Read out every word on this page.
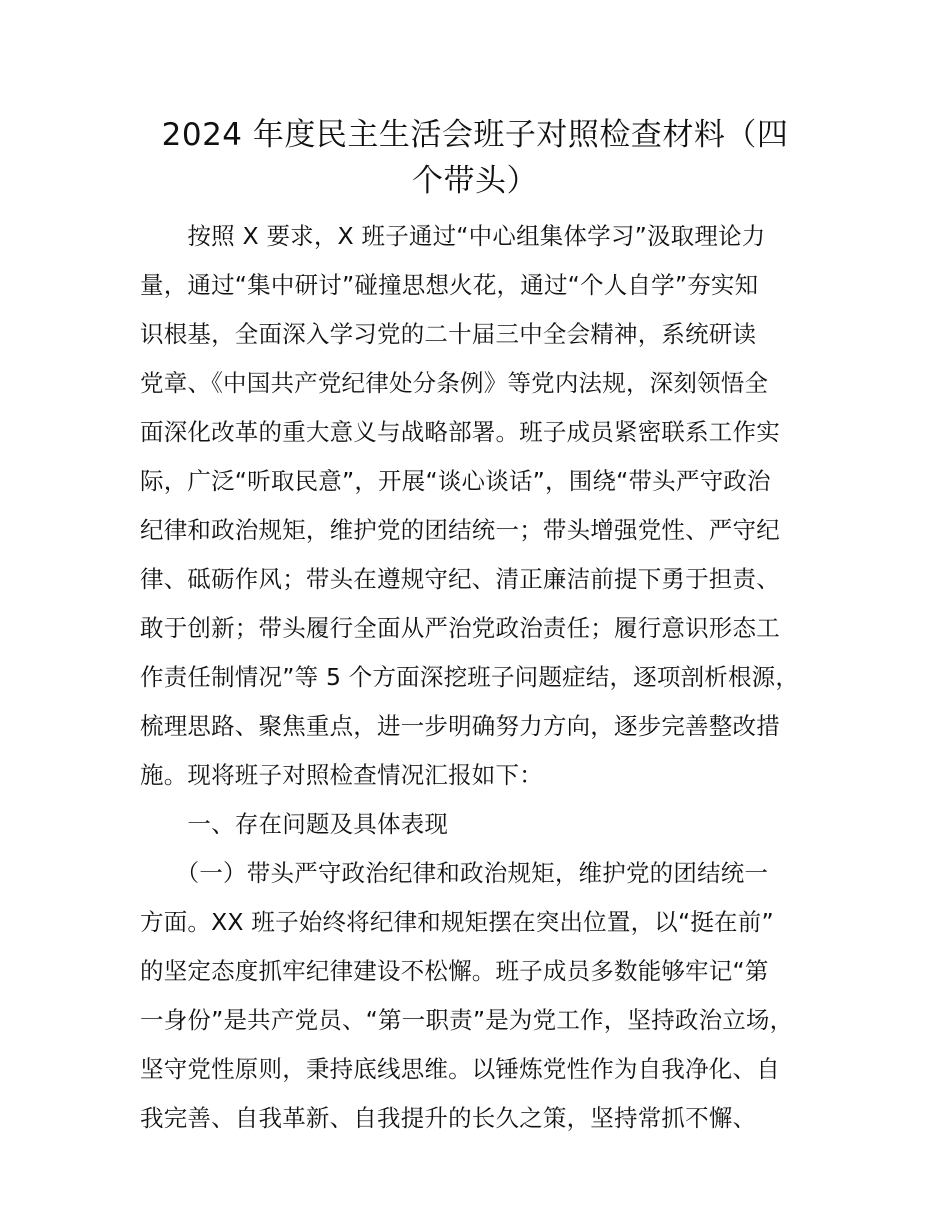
2024 年度民主生活会班子对照检查材料（四
个带头）
　　按照 X 要求，X 班子通过“中心组集体学习”汲取理论力
量，通过“集中研讨”碰撞思想火花，通过“个人自学”夯实知
识根基，全面深入学习党的二十届三中全会精神，系统研读
党章、《中国共产党纪律处分条例》等党内法规，深刻领悟全
面深化改革的重大意义与战略部署。班子成员紧密联系工作实
际，广泛“听取民意”，开展“谈心谈话”，围绕“带头严守政治
纪律和政治规矩，维护党的团结统一；带头增强党性、严守纪
律、砥砺作风；带头在遵规守纪、清正廉洁前提下勇于担责、
敢于创新；带头履行全面从严治党政治责任；履行意识形态工
作责任制情况”等 5 个方面深挖班子问题症结，逐项剖析根源，
梳理思路、聚焦重点，进一步明确努力方向，逐步完善整改措
施。现将班子对照检查情况汇报如下：
　　一、存在问题及具体表现
　　（一）带头严守政治纪律和政治规矩，维护党的团结统一
方面。XX 班子始终将纪律和规矩摆在突出位置，以“挺在前”
的坚定态度抓牢纪律建设不松懈。班子成员多数能够牢记“第
一身份”是共产党员、“第一职责”是为党工作，坚持政治立场，
坚守党性原则，秉持底线思维。以锤炼党性作为自我净化、自
我完善、自我革新、自我提升的长久之策，坚持常抓不懈、
